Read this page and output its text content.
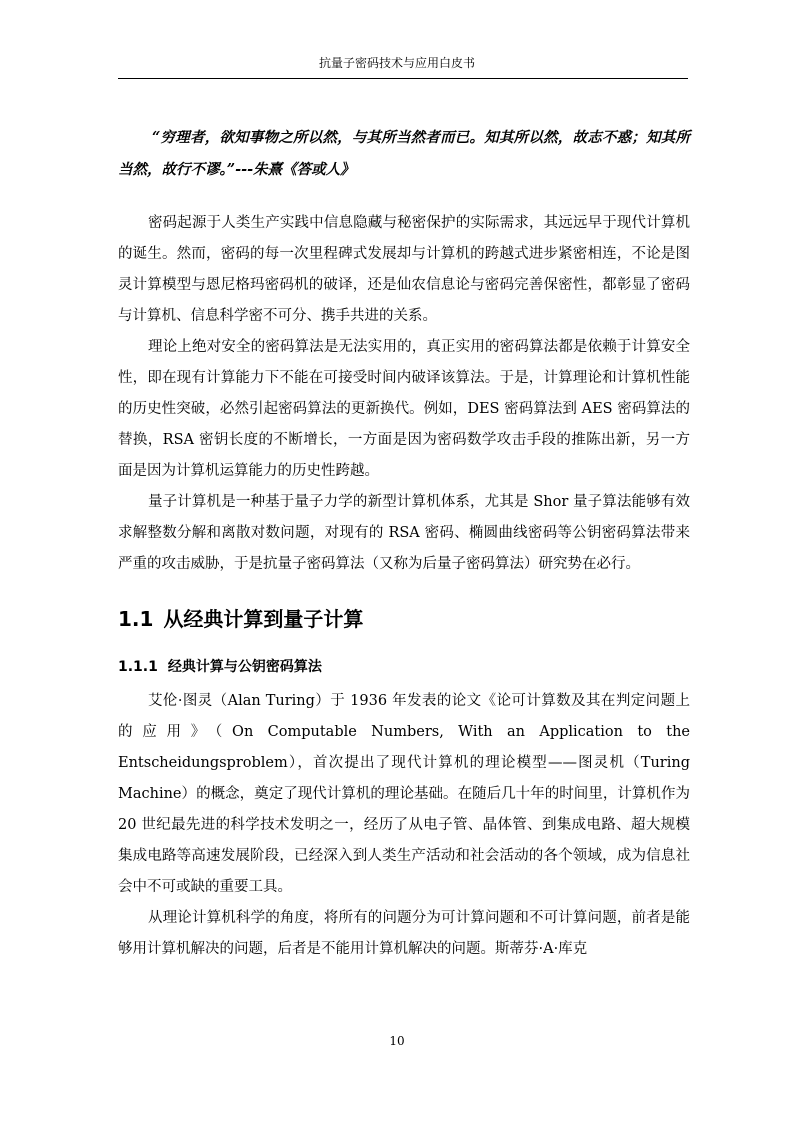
抗量子密码技术与应用白皮书

“穷理者，欲知事物之所以然，与其所当然者而已。知其所以然，故志不惑；知其所当然，故行不谬。”---朱熹《答或人》

密码起源于人类生产实践中信息隐藏与秘密保护的实际需求，其远远早于现代计算机的诞生。然而，密码的每一次里程碑式发展却与计算机的跨越式进步紧密相连，不论是图灵计算模型与恩尼格玛密码机的破译，还是仙农信息论与密码完善保密性，都彰显了密码与计算机、信息科学密不可分、携手共进的关系。

理论上绝对安全的密码算法是无法实用的，真正实用的密码算法都是依赖于计算安全性，即在现有计算能力下不能在可接受时间内破译该算法。于是，计算理论和计算机性能的历史性突破，必然引起密码算法的更新换代。例如，DES 密码算法到 AES 密码算法的替换，RSA 密钥长度的不断增长，一方面是因为密码数学攻击手段的推陈出新，另一方面是因为计算机运算能力的历史性跨越。

量子计算机是一种基于量子力学的新型计算机体系，尤其是 Shor 量子算法能够有效求解整数分解和离散对数问题，对现有的 RSA 密码、椭圆曲线密码等公钥密码算法带来严重的攻击威胁，于是抗量子密码算法（又称为后量子密码算法）研究势在必行。

1.1 从经典计算到量子计算
1.1.1 经典计算与公钥密码算法

艾伦·图灵（Alan Turing）于 1936 年发表的论文《论可计算数及其在判定问题上的应用》（On Computable Numbers, With an Application to the Entscheidungsproblem），首次提出了现代计算机的理论模型——图灵机（Turing Machine）的概念，奠定了现代计算机的理论基础。在随后几十年的时间里，计算机作为 20 世纪最先进的科学技术发明之一，经历了从电子管、晶体管、到集成电路、超大规模集成电路等高速发展阶段，已经深入到人类生产活动和社会活动的各个领域，成为信息社会中不可或缺的重要工具。

从理论计算机科学的角度，将所有的问题分为可计算问题和不可计算问题，前者是能够用计算机解决的问题，后者是不能用计算机解决的问题。斯蒂芬·A·库克

10
